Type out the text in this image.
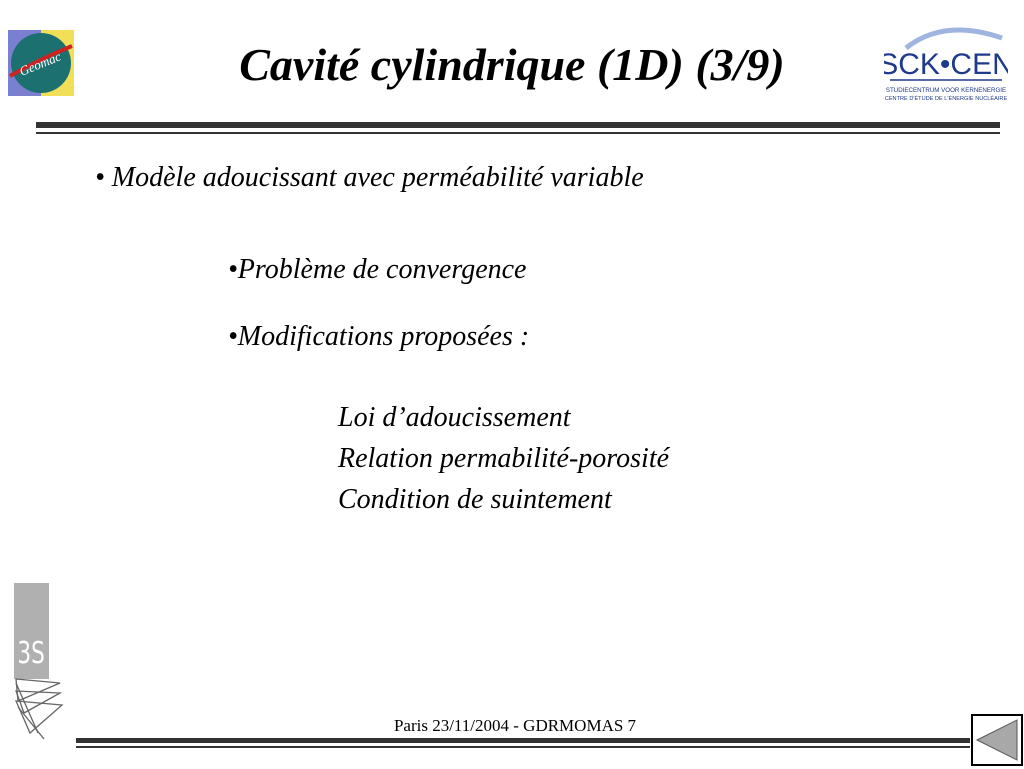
Geomac	Cavité cylindrique (1D) (3/9)	SCK•CEN
STUDIECENTRUM VOOR KERNENERGIE
CENTRE D'ÉTUDE DE L'ÉNERGIE NUCLÉAIRE
• Modèle adoucissant avec perméabilité variable
•Problème de convergence
•Modifications proposées :
Loi d’adoucissement
Relation permabilité-porosité
Condition de suintement
3S
Paris 23/11/2004 - GDRMOMAS 7
